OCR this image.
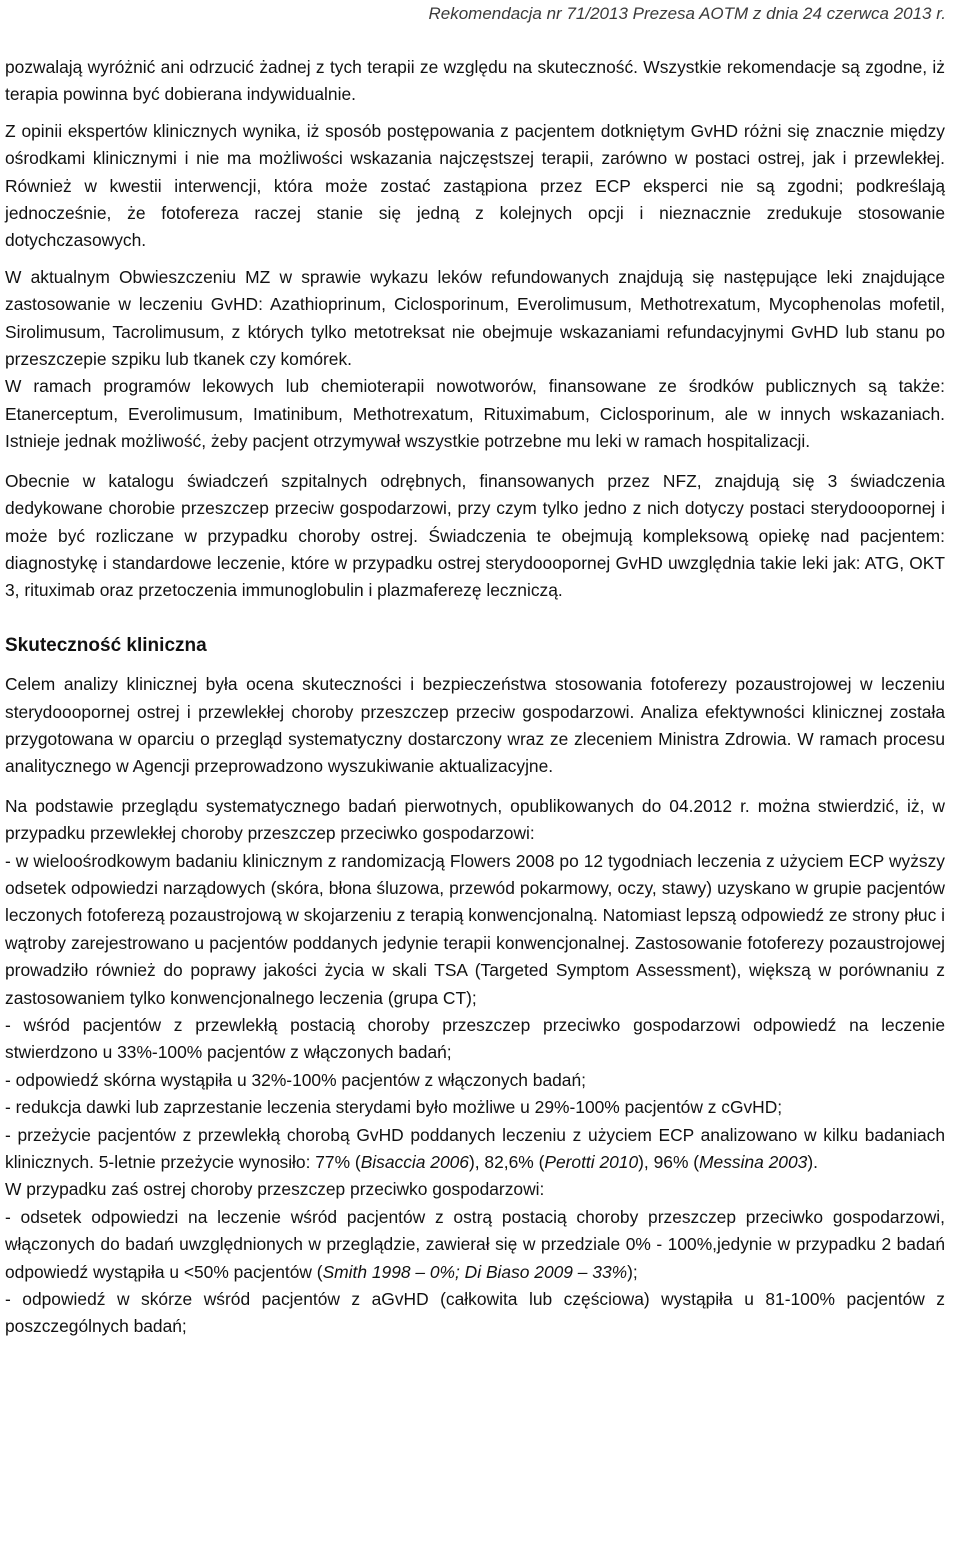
Rekomendacja nr 71/2013 Prezesa AOTM z dnia 24 czerwca 2013 r.

pozwalają wyróżnić ani odrzucić żadnej z tych terapii ze względu na skuteczność. Wszystkie rekomendacje są zgodne, iż terapia powinna być dobierana indywidualnie.

Z opinii ekspertów klinicznych wynika, iż sposób postępowania z pacjentem dotkniętym GvHD różni się znacznie między ośrodkami klinicznymi i nie ma możliwości wskazania najczęstszej terapii, zarówno w postaci ostrej, jak i przewlekłej. Również w kwestii interwencji, która może zostać zastąpiona przez ECP eksperci nie są zgodni; podkreślają jednocześnie, że fotofereza raczej stanie się jedną z kolejnych opcji i nieznacznie zredukuje stosowanie dotychczasowych.

W aktualnym Obwieszczeniu MZ w sprawie wykazu leków refundowanych znajdują się następujące leki znajdujące zastosowanie w leczeniu GvHD: Azathioprinum, Ciclosporinum, Everolimusum, Methotrexatum, Mycophenolas mofetil, Sirolimusum, Tacrolimusum, z których tylko metotreksat nie obejmuje wskazaniami refundacyjnymi GvHD lub stanu po przeszczepie szpiku lub tkanek czy komórek.

W ramach programów lekowych lub chemioterapii nowotworów, finansowane ze środków publicznych są także: Etanerceptum, Everolimusum, Imatinibum, Methotrexatum, Rituximabum, Ciclosporinum, ale w innych wskazaniach. Istnieje jednak możliwość, żeby pacjent otrzymywał wszystkie potrzebne mu leki w ramach hospitalizacji.

Obecnie w katalogu świadczeń szpitalnych odrębnych, finansowanych przez NFZ, znajdują się 3 świadczenia dedykowane chorobie przeszczep przeciw gospodarzowi, przy czym tylko jedno z nich dotyczy postaci sterydooopornej i może być rozliczane w przypadku choroby ostrej. Świadczenia te obejmują kompleksową opiekę nad pacjentem: diagnostykę i standardowe leczenie, które w przypadku ostrej sterydooopornej GvHD uwzględnia takie leki jak: ATG, OKT 3, rituximab oraz przetoczenia immunoglobulin i plazmaferezę leczniczą.

Skuteczność kliniczna

Celem analizy klinicznej była ocena skuteczności i bezpieczeństwa stosowania fotoferezy pozaustrojowej w leczeniu sterydooopornej ostrej i przewlekłej choroby przeszczep przeciw gospodarzowi. Analiza efektywności klinicznej została przygotowana w oparciu o przegląd systematyczny dostarczony wraz ze zleceniem Ministra Zdrowia. W ramach procesu analitycznego w Agencji przeprowadzono wyszukiwanie aktualizacyjne.

Na podstawie przeglądu systematycznego badań pierwotnych, opublikowanych do 04.2012 r. można stwierdzić, iż, w przypadku przewlekłej choroby przeszczep przeciwko gospodarzowi:

- w wieloośrodkowym badaniu klinicznym z randomizacją Flowers 2008 po 12 tygodniach leczenia z użyciem ECP wyższy odsetek odpowiedzi narządowych (skóra, błona śluzowa, przewód pokarmowy, oczy, stawy) uzyskano w grupie pacjentów leczonych fotoferezą pozaustrojową w skojarzeniu z terapią konwencjonalną. Natomiast lepszą odpowiedź ze strony płuc i wątroby zarejestrowano u pacjentów poddanych jedynie terapii konwencjonalnej. Zastosowanie fotoferezy pozaustrojowej prowadziło również do poprawy jakości życia w skali TSA (Targeted Symptom Assessment), większą w porównaniu z zastosowaniem tylko konwencjonalnego leczenia (grupa CT);

- wśród pacjentów z przewlekłą postacią choroby przeszczep przeciwko gospodarzowi odpowiedź na leczenie stwierdzono u 33%-100% pacjentów z włączonych badań;

- odpowiedź skórna wystąpiła u 32%-100% pacjentów z włączonych badań;

- redukcja dawki lub zaprzestanie leczenia sterydami było możliwe u 29%-100% pacjentów z cGvHD;

- przeżycie pacjentów z przewlekłą chorobą GvHD poddanych leczeniu z użyciem ECP analizowano w kilku badaniach klinicznych. 5-letnie przeżycie wynosiło: 77% (Bisaccia 2006), 82,6% (Perotti 2010), 96% (Messina 2003).

W przypadku zaś ostrej choroby przeszczep przeciwko gospodarzowi:

- odsetek odpowiedzi na leczenie wśród pacjentów z ostrą postacią choroby przeszczep przeciwko gospodarzowi, włączonych do badań uwzględnionych w przeglądzie, zawierał się w przedziale 0% - 100%,jedynie w przypadku 2 badań odpowiedź wystąpiła u <50% pacjentów (Smith 1998 – 0%; Di Biaso 2009 – 33%);

- odpowiedź w skórze wśród pacjentów z aGvHD (całkowita lub częściowa) wystąpiła u 81-100% pacjentów z poszczególnych badań;
